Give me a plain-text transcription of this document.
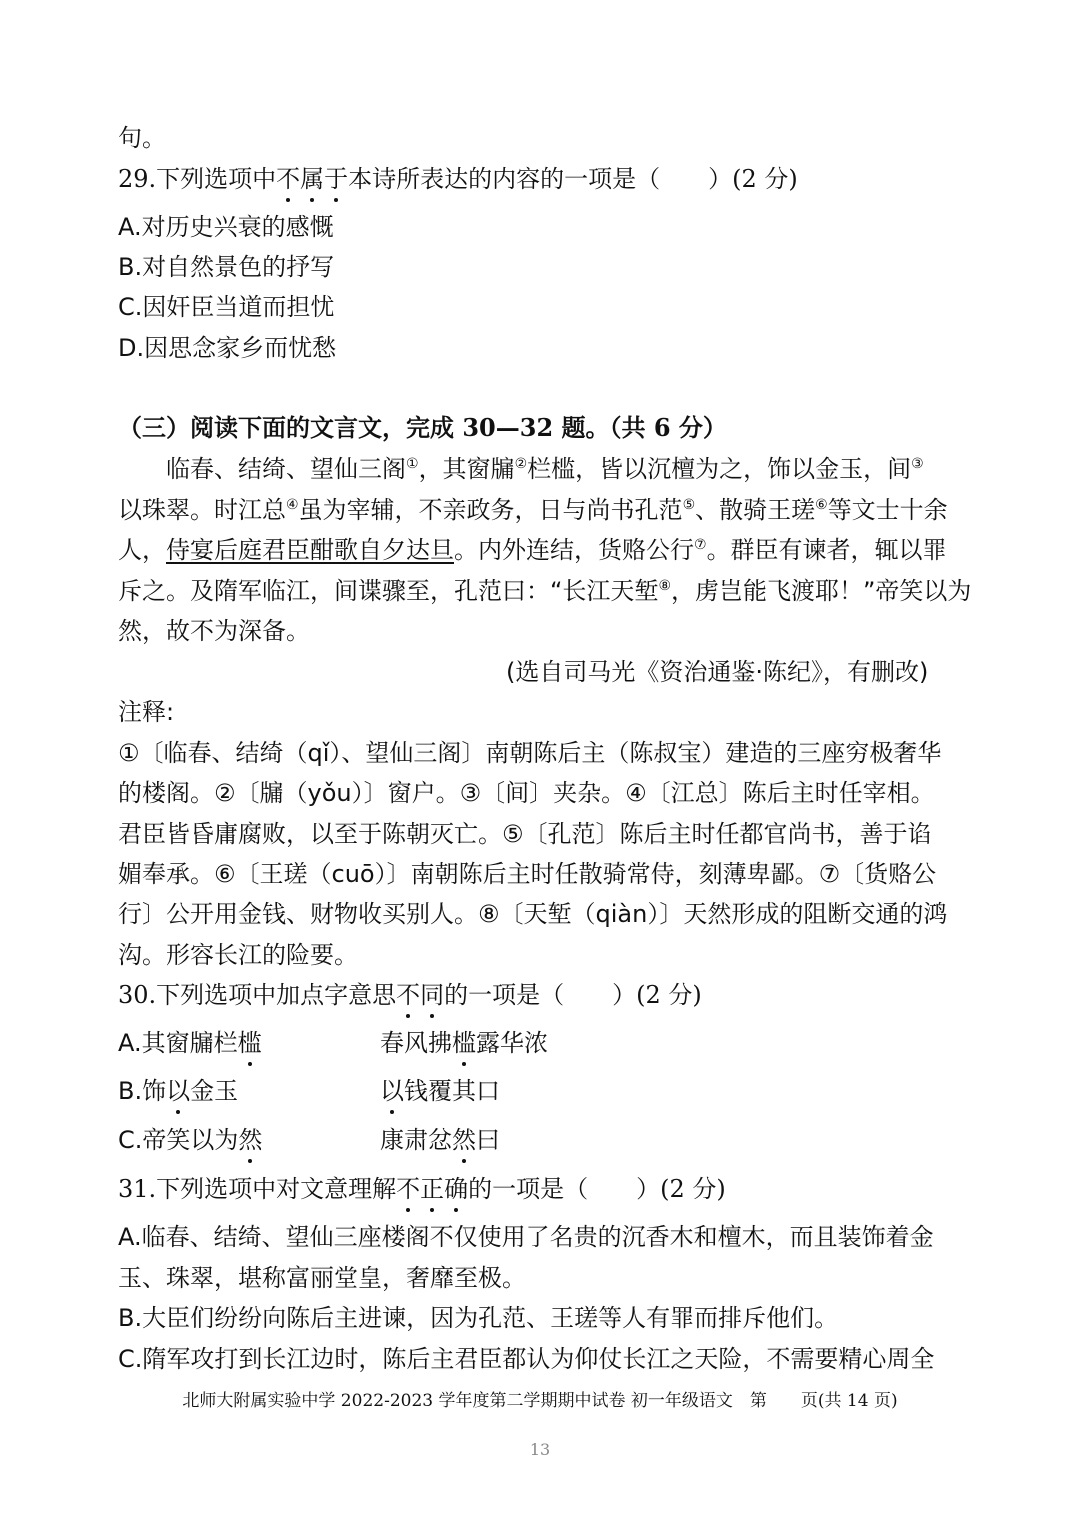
句。
29.下列选项中不属于本诗所表达的内容的一项是（　　）(2 分)
A.对历史兴衰的感慨
B.对自然景色的抒写
C.因奸臣当道而担忧
D.因思念家乡而忧愁
（三）阅读下面的文言文，完成 30—32 题。（共 6 分）
临春、结绮、望仙三阁①，其窗牖②栏槛，皆以沉檀为之，饰以金玉，间③
以珠翠。时江总④虽为宰辅，不亲政务，日与尚书孔范⑤、散骑王瑳⑥等文士十余
人，侍宴后庭君臣酣歌自夕达旦。内外连结，货赂公行⑦。群臣有谏者，辄以罪
斥之。及隋军临江，间谍骤至，孔范曰：“长江天堑⑧，虏岂能飞渡耶！”帝笑以为
然，故不为深备。
(选自司马光《资治通鉴·陈纪》，有删改)
注释:
①〔临春、结绮（qǐ）、望仙三阁〕南朝陈后主（陈叔宝）建造的三座穷极奢华
的楼阁。②〔牖（yǒu）〕窗户。③〔间〕夹杂。④〔江总〕陈后主时任宰相。
君臣皆昏庸腐败，以至于陈朝灭亡。⑤〔孔范〕陈后主时任都官尚书，善于谄
媚奉承。⑥〔王瑳（cuō）〕南朝陈后主时任散骑常侍，刻薄卑鄙。⑦〔货赂公
行〕公开用金钱、财物收买别人。⑧〔天堑（qiàn）〕天然形成的阻断交通的鸿
沟。形容长江的险要。
30.下列选项中加点字意思不同的一项是（　　）(2 分)
A.其窗牖栏槛	春风拂槛露华浓
B.饰以金玉	以钱覆其口
C.帝笑以为然	康肃忿然曰
31.下列选项中对文意理解不正确的一项是（　　）(2 分)
A.临春、结绮、望仙三座楼阁不仅使用了名贵的沉香木和檀木，而且装饰着金
玉、珠翠，堪称富丽堂皇，奢靡至极。
B.大臣们纷纷向陈后主进谏，因为孔范、王瑳等人有罪而排斥他们。
C.隋军攻打到长江边时，陈后主君臣都认为仰仗长江之天险，不需要精心周全
北师大附属实验中学 2022-2023 学年度第二学期期中试卷 初一年级语文　第　　页(共 14 页)
13
